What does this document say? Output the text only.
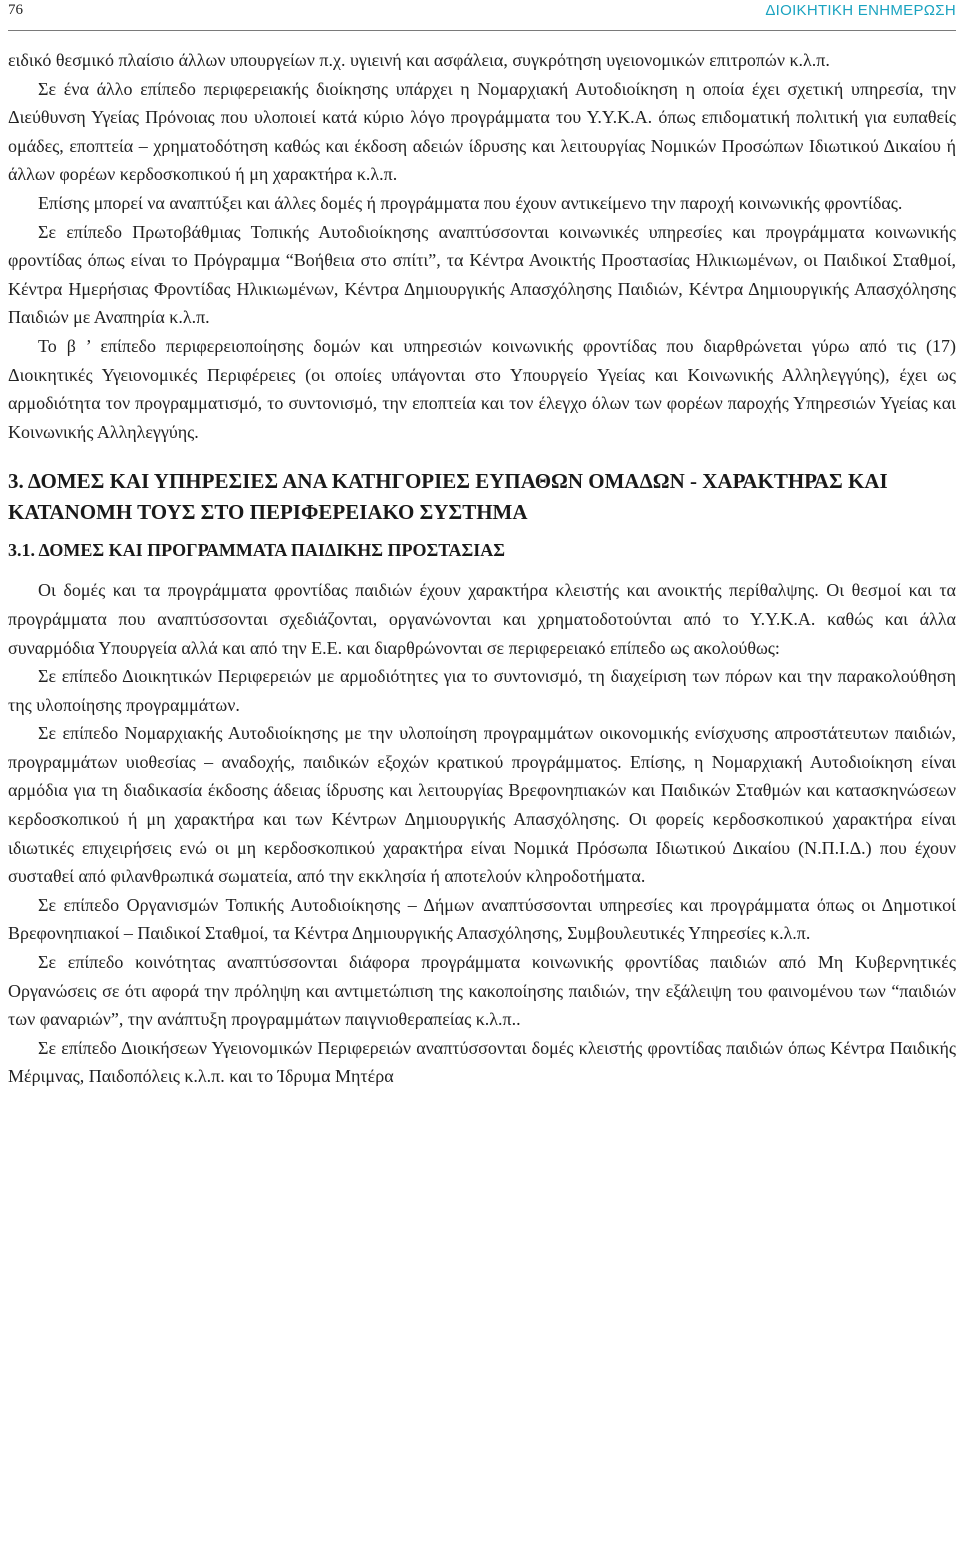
76	ΔΙΟΙΚΗΤΙΚΗ ΕΝΗΜΕΡΩΣΗ

ειδικό θεσμικό πλαίσιο άλλων υπουργείων π.χ. υγιεινή και ασφάλεια, συγκρότηση υγειονομικών επιτροπών κ.λ.π.

Σε ένα άλλο επίπεδο περιφερειακής διοίκησης υπάρχει η Νομαρχιακή Αυτοδιοίκηση η οποία έχει σχετική υπηρεσία, την Διεύθυνση Υγείας Πρόνοιας που υλοποιεί κατά κύριο λόγο προγράμματα του Υ.Υ.Κ.Α. όπως επιδοματική πολιτική για ευπαθείς ομάδες, εποπτεία – χρηματοδότηση καθώς και έκδοση αδειών ίδρυσης και λειτουργίας Νομικών Προσώπων Ιδιωτικού Δικαίου ή άλλων φορέων κερδοσκοπικού ή μη χαρακτήρα κ.λ.π.

Επίσης μπορεί να αναπτύξει και άλλες δομές ή προγράμματα που έχουν αντικείμενο την παροχή κοινωνικής φροντίδας.

Σε επίπεδο Πρωτοβάθμιας Τοπικής Αυτοδιοίκησης αναπτύσσονται κοινωνικές υπηρεσίες και προγράμματα κοινωνικής φροντίδας όπως είναι το Πρόγραμμα “Βοήθεια στο σπίτι”, τα Κέντρα Ανοικτής Προστασίας Ηλικιωμένων, οι Παιδικοί Σταθμοί, Κέντρα Ημερήσιας Φροντίδας Ηλικιωμένων, Κέντρα Δημιουργικής Απασχόλησης Παιδιών, Κέντρα Δημιουργικής Απασχόλησης Παιδιών με Αναπηρία κ.λ.π.

Το β ’ επίπεδο περιφερειοποίησης δομών και υπηρεσιών κοινωνικής φροντίδας που διαρθρώνεται γύρω από τις (17) Διοικητικές Υγειονομικές Περιφέρειες (οι οποίες υπάγονται στο Υπουργείο Υγείας και Κοινωνικής Αλληλεγγύης), έχει ως αρμοδιότητα τον προγραμματισμό, το συντονισμό, την εποπτεία και τον έλεγχο όλων των φορέων παροχής Υπηρεσιών Υγείας και Κοινωνικής Αλληλεγγύης.

3. ΔΟΜΕΣ ΚΑΙ ΥΠΗΡΕΣΙΕΣ ΑΝΑ ΚΑΤΗΓΟΡΙΕΣ ΕΥΠΑΘΩΝ ΟΜΑΔΩΝ - ΧΑΡΑΚΤΗΡΑΣ ΚΑΙ ΚΑΤΑΝΟΜΗ ΤΟΥΣ ΣΤΟ ΠΕΡΙΦΕΡΕΙΑΚΟ ΣΥΣΤΗΜΑ
3.1. ΔΟΜΕΣ ΚΑΙ ΠΡΟΓΡΑΜΜΑΤΑ ΠΑΙΔΙΚΗΣ ΠΡΟΣΤΑΣΙΑΣ

Οι δομές και τα προγράμματα φροντίδας παιδιών έχουν χαρακτήρα κλειστής και ανοικτής περίθαλψης. Οι θεσμοί και τα προγράμματα που αναπτύσσονται σχεδιάζονται, οργανώνονται και χρηματοδοτούνται από το Υ.Υ.Κ.Α. καθώς και άλλα συναρμόδια Υπουργεία αλλά και από την Ε.Ε. και διαρθρώνονται σε περιφερειακό επίπεδο ως ακολούθως:

Σε επίπεδο Διοικητικών Περιφερειών με αρμοδιότητες για το συντονισμό, τη διαχείριση των πόρων και την παρακολούθηση της υλοποίησης προγραμμάτων.

Σε επίπεδο Νομαρχιακής Αυτοδιοίκησης με την υλοποίηση προγραμμάτων οικονομικής ενίσχυσης απροστάτευτων παιδιών, προγραμμάτων υιοθεσίας – αναδοχής, παιδικών εξοχών κρατικού προγράμματος. Επίσης, η Νομαρχιακή Αυτοδιοίκηση είναι αρμόδια για τη διαδικασία έκδοσης άδειας ίδρυσης και λειτουργίας Βρεφονηπιακών και Παιδικών Σταθμών και κατασκηνώσεων κερδοσκοπικού ή μη χαρακτήρα και των Κέντρων Δημιουργικής Απασχόλησης. Οι φορείς κερδοσκοπικού χαρακτήρα είναι ιδιωτικές επιχειρήσεις ενώ οι μη κερδοσκοπικού χαρακτήρα είναι Νομικά Πρόσωπα Ιδιωτικού Δικαίου (Ν.Π.Ι.Δ.) που έχουν συσταθεί από φιλανθρωπικά σωματεία, από την εκκλησία ή αποτελούν κληροδοτήματα.

Σε επίπεδο Οργανισμών Τοπικής Αυτοδιοίκησης – Δήμων αναπτύσσονται υπηρεσίες και προγράμματα όπως οι Δημοτικοί Βρεφονηπιακοί – Παιδικοί Σταθμοί, τα Κέντρα Δημιουργικής Απασχόλησης, Συμβουλευτικές Υπηρεσίες κ.λ.π.

Σε επίπεδο κοινότητας αναπτύσσονται διάφορα προγράμματα κοινωνικής φροντίδας παιδιών από Μη Κυβερνητικές Οργανώσεις σε ότι αφορά την πρόληψη και αντιμετώπιση της κακοποίησης παιδιών, την εξάλειψη του φαινομένου των “παιδιών των φαναριών”, την ανάπτυξη προγραμμάτων παιγνιοθεραπείας κ.λ.π..

Σε επίπεδο Διοικήσεων Υγειονομικών Περιφερειών αναπτύσσονται δομές κλειστής φροντίδας παιδιών όπως Κέντρα Παιδικής Μέριμνας, Παιδοπόλεις κ.λ.π. και το Ίδρυμα Μητέρα
